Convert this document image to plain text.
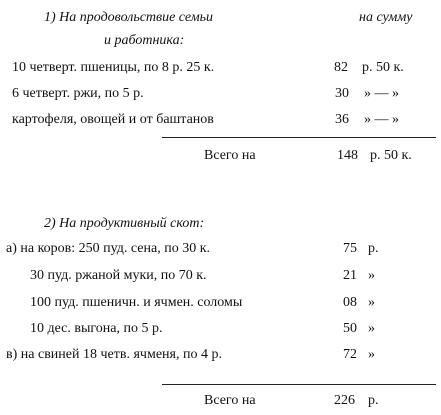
1) На продовольствие семьи	на сумму
и работника:
10 четверт. пшеницы, по 8 р. 25 к.	82 р. 50 к.
6 четверт. ржи, по 5 р.	30 » — »
картофеля, овощей и от баштанов	36 » — »
Всего на	148 р. 50 к.
2) На продуктивный скот:
а) на коров: 250 пуд. сена, по 30 к.	75 р.
30 пуд. ржаной муки, по 70 к.	21 »
100 пуд. пшеничн. и ячмен. соломы	08 »
10 дес. выгона, по 5 р.	50 »
в) на свиней 18 четв. ячменя, по 4 р.	72 »
Всего на	226 р.
